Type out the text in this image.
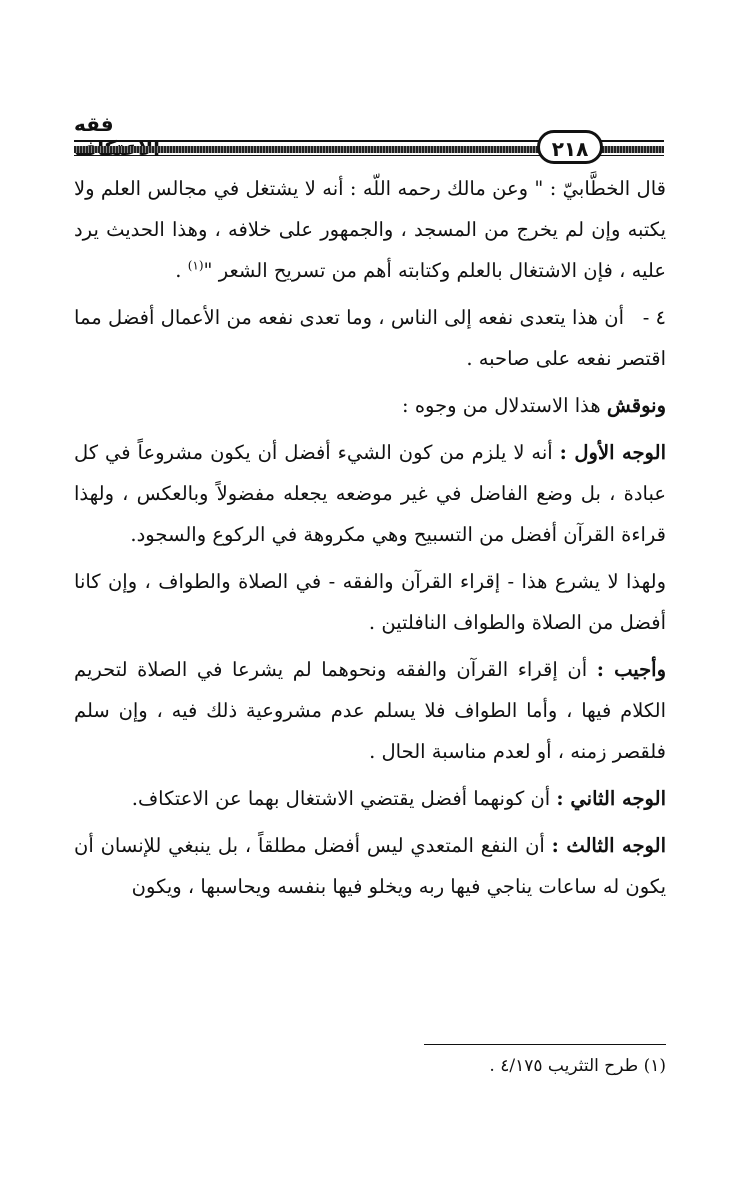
فقه
٢١٨

قال الخطَّابيّ : " وعن مالك رحمه اللّه : أنه لا يشتغل في مجالس العلم ولا يكتبه وإن لم يخرج من المسجد ، والجمهور على خلافه ، وهذا الحديث يرد عليه ، فإن الاشتغال بالعلم وكتابته أهم من تسريح الشعر "$^{(١)}$ .

٤ -أن هذا يتعدى نفعه إلى الناس ، وما تعدى نفعه من الأعمال أفضل مما اقتصر نفعه على صاحبه .

ونوقش هذا الاستدلال من وجوه :

الوجه الأول : أنه لا يلزم من كون الشيء أفضل أن يكون مشروعاً في كل عبادة ، بل وضع الفاضل في غير موضعه يجعله مفضولاً وبالعكس ، ولهذا قراءة القرآن أفضل من التسبيح وهي مكروهة في الركوع والسجود.

ولهذا لا يشرع هذا - إقراء القرآن والفقه - في الصلاة والطواف ، وإن كانا أفضل من الصلاة والطواف النافلتين .

وأجيب : أن إقراء القرآن والفقه ونحوهما لم يشرعا في الصلاة لتحريم الكلام فيها ، وأما الطواف فلا يسلم عدم مشروعية ذلك فيه ، وإن سلم فلقصر زمنه ، أو لعدم مناسبة الحال .

الوجه الثاني : أن كونهما أفضل يقتضي الاشتغال بهما عن الاعتكاف.

الوجه الثالث : أن النفع المتعدي ليس أفضل مطلقاً ، بل ينبغي للإنسان أن يكون له ساعات يناجي فيها ربه ويخلو فيها بنفسه ويحاسبها ، ويكون

(١) طرح التثريب ٤/١٧٥ .
